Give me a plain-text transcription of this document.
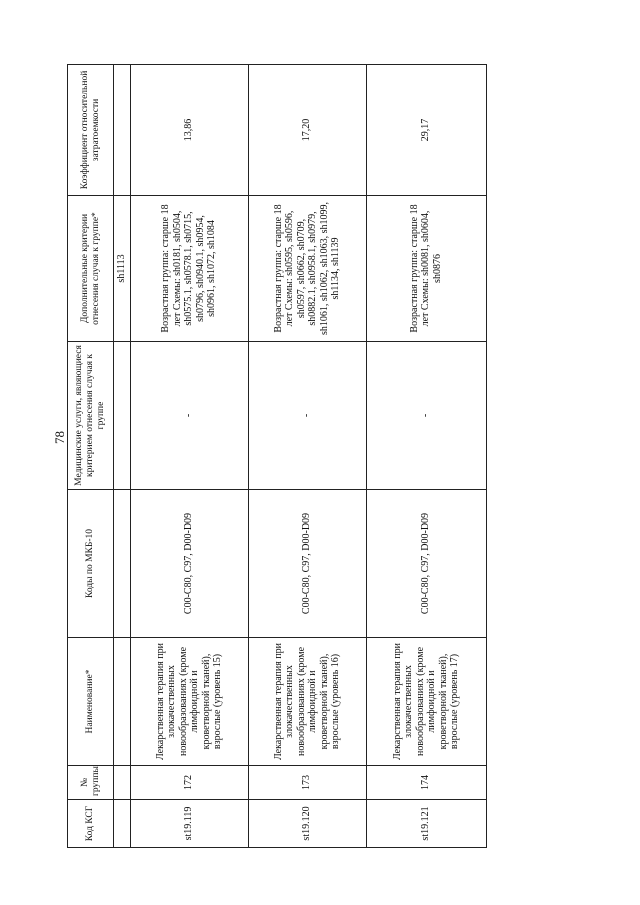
78
Код КСГ	№ группы	Наименование*	Коды по МКБ-10	Медицинские услуги, являющиеся критерием отнесения случая к группе	Дополнительные критерии отнесения случая к группе*	Коэффициент относительной затратоемкости
					sh1113	
st19.119	172	Лекарственная терапия при злокачественных новообразованиях (кроме лимфоидной и кроветворной тканей), взрослые (уровень 15)	C00-C80, C97, D00-D09	-	Возрастная группа: старше 18 лет Схемы: sh0181, sh0504, sh0575.1, sh0578.1, sh0715, sh0796, sh0940.1, sh0954, sh0961, sh1072, sh1084	13,86
st19.120	173	Лекарственная терапия при злокачественных новообразованиях (кроме лимфоидной и кроветворной тканей), взрослые (уровень 16)	C00-C80, C97, D00-D09	-	Возрастная группа: старше 18 лет Схемы: sh0595, sh0596, sh0597, sh0662, sh0709, sh0882.1, sh0958.1, sh0979, sh1061, sh1062, sh1063, sh1099, sh1134, sh1139	17,20
st19.121	174	Лекарственная терапия при злокачественных новообразованиях (кроме лимфоидной и кроветворной тканей), взрослые (уровень 17)	C00-C80, C97, D00-D09	-	Возрастная группа: старше 18 лет Схемы: sh0081, sh0604, sh0876	29,17
